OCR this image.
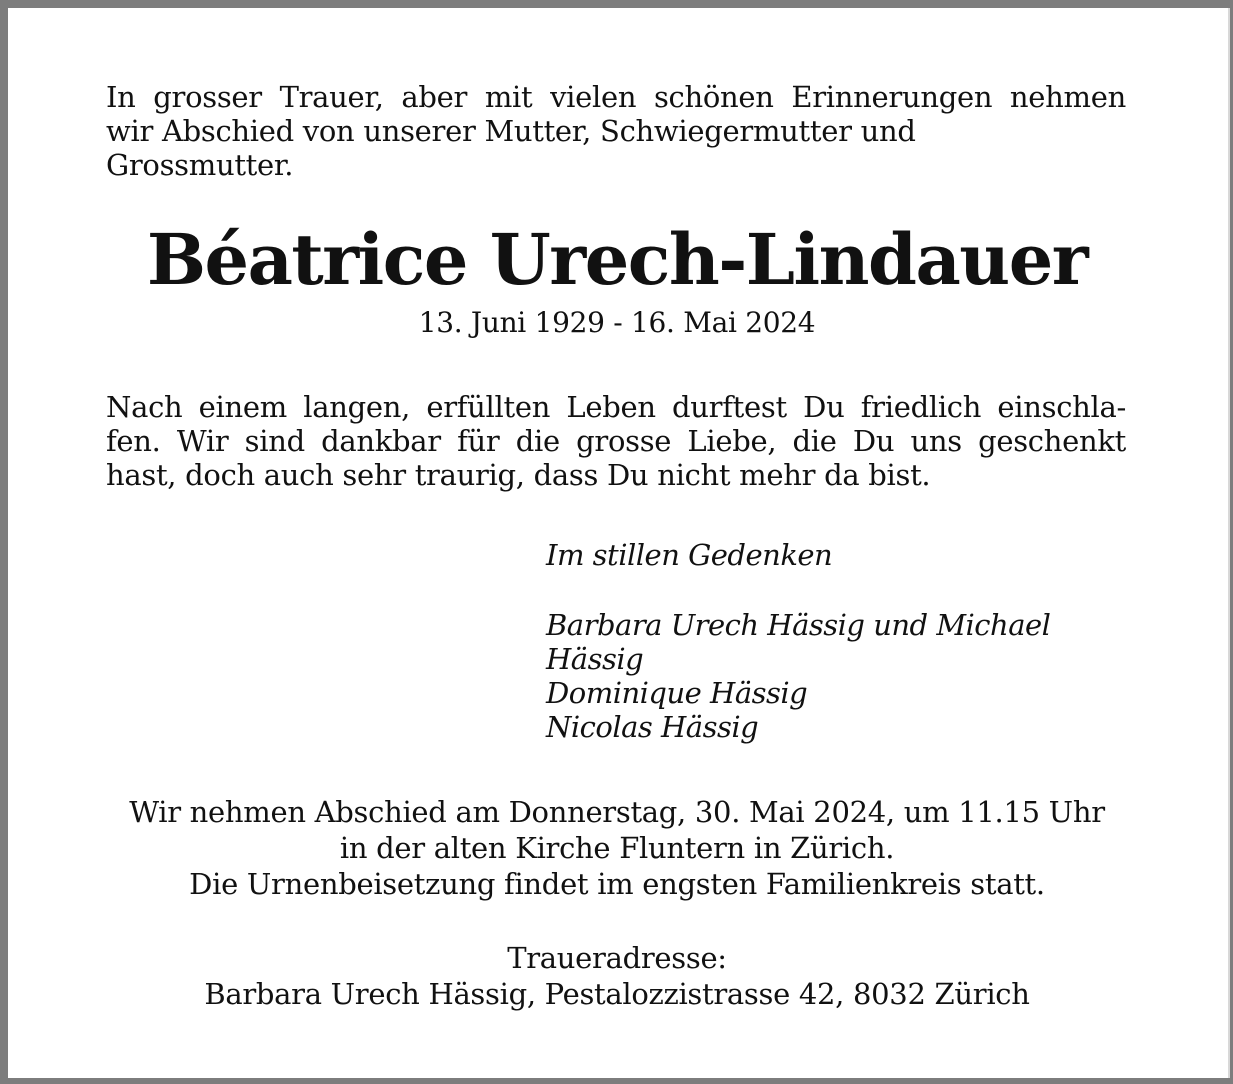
In grosser Trauer, aber mit vielen schönen Erinnerungen nehmen
wir Abschied von unserer Mutter, Schwiegermutter und
Grossmutter.

Béatrice Urech-Lindauer
13. Juni 1929 - 16. Mai 2024

Nach einem langen, erfüllten Leben durftest Du friedlich einschla-
fen. Wir sind dankbar für die grosse Liebe, die Du uns geschenkt
hast, doch auch sehr traurig, dass Du nicht mehr da bist.

Im stillen Gedenken
Barbara Urech Hässig und Michael Hässig
Dominique Hässig
Nicolas Hässig
Wir nehmen Abschied am Donnerstag, 30. Mai 2024, um 11.15 Uhr
in der alten Kirche Fluntern in Zürich.
Die Urnenbeisetzung findet im engsten Familienkreis statt.
Traueradresse:
Barbara Urech Hässig, Pestalozzistrasse 42, 8032 Zürich
